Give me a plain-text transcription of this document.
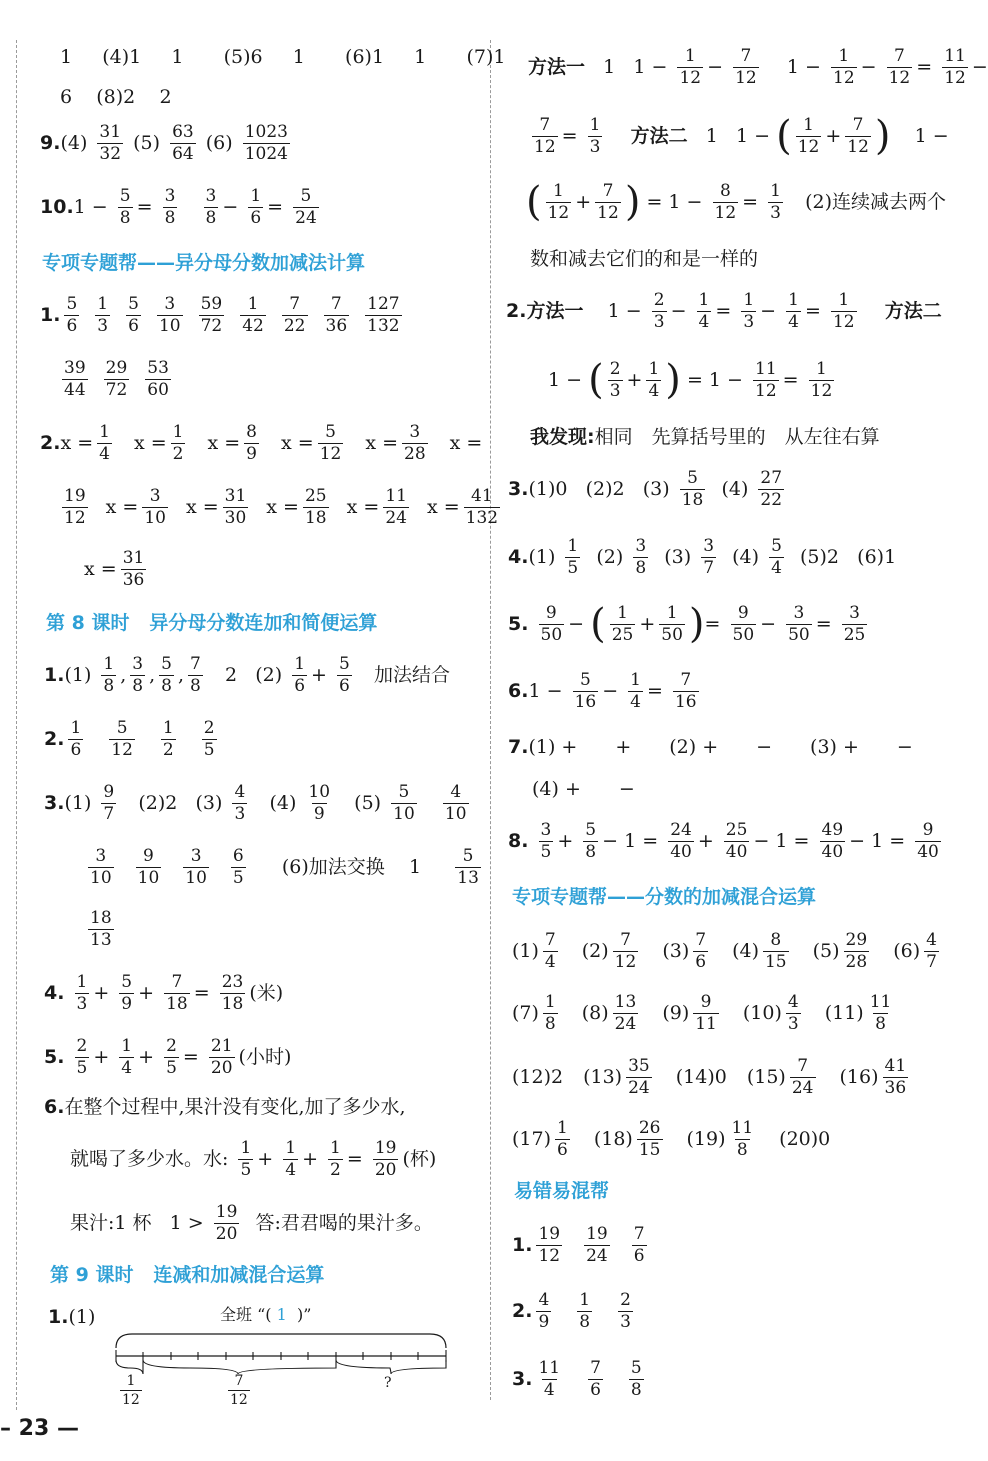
1 (4)1 1 (5)6 1 (6)1 1 (7)1
6 (8)2 2
$9.(4) \frac{31}{32} (5) \frac{63}{64} (6) \frac{1023}{1024}$
$10.1 - \frac{5}{8} = \frac{3}{8}$
$\frac{3}{8} - \frac{1}{6} = \frac{5}{24}$
专项专题帮——异分母分数加减法计算
1. $\frac{5}{6} \frac{1}{3} \frac{5}{6} \frac{3}{10} \frac{59}{72} \frac{1}{42} \frac{7}{22} \frac{7}{36} \frac{127}{132}$
$\frac{39}{44} \frac{29}{72} \frac{53}{60}$
$2.x = \frac{1}{4}$ $x = \frac{1}{2}$ $x = \frac{8}{9}$ $x = \frac{5}{12}$ $x = \frac{3}{28}$ x =
$\frac{19}{12}$ $x = \frac{3}{10}$ $x = \frac{31}{30}$ $x = \frac{25}{18}$ $x = \frac{11}{24}$ $x = \frac{41}{132}$
$x = \frac{31}{36}$
第 8 课时 异分母分数连加和简便运算
$1.(1) \frac{1}{8}$ , $\frac{3}{8}$ , $\frac{5}{8}$ , $\frac{7}{8} 2$ $(2) \frac{1}{6} + \frac{5}{6}$ 加法结合
2. $\frac{1}{6} \frac{5}{12} \frac{1}{2} \frac{2}{5}$
$3.(1) \frac{9}{7} (2)2$ $(3) \frac{4}{3} (4) \frac{10}{9} (5) \frac{5}{10}$
$\frac{4}{10}$
$\frac{3}{10} \frac{9}{10} \frac{3}{10} \frac{6}{5} (6)$加法交换 $1 \frac{5}{13}$
$\frac{18}{13}$
4. $\frac{1}{3} + \frac{5}{9} + \frac{7}{18} = \frac{23}{18}$ (米)
5. $\frac{2}{5} + \frac{1}{4} + \frac{2}{5} = \frac{21}{20}$ (小时)
6.在整个过程中,果汁没有变化,加了多少水,
就喝了多少水。水: $\frac{1}{5} + \frac{1}{4} + \frac{1}{2} = \frac{19}{20}$ (杯)
果汁:1 杯 $1 > \frac{19}{20}$ 答:君君喝的果汁多。
第 9 课时 连减和加减混合运算
1.(1)	全班 “( 1 )”
$\frac{1}{12}$	$\frac{7}{12}$	?
– 23 —
方法一 1 $1 - \frac{1}{12} - \frac{7}{12} 1 - \frac{1}{12} - \frac{7}{12} = \frac{11}{12}$ −
$\frac{7}{12} = \frac{1}{3}$ 方法二 1 1 − ( $\frac{1}{12} + \frac{7}{12}$ ) 1 −
( $\frac{1}{12} + \frac{7}{12}$ ) = $1 - \frac{8}{12} = \frac{1}{3} (2)$连续减去两个
数和减去它们的和是一样的
2.方法一 $1 - \frac{2}{3} - \frac{1}{4} = \frac{1}{3} - \frac{1}{4} = \frac{1}{12}$ 方法二
1 − ( $\frac{2}{3} + \frac{1}{4}$ ) = $1 - \frac{11}{12} = \frac{1}{12}$
我发现:相同　先算括号里的　从左往右算
3.(1)0 (2)2 $(3) \frac{5}{18} (4) \frac{27}{22}$
$4.(1) \frac{1}{5} (2) \frac{3}{8} (3) \frac{3}{7} (4) \frac{5}{4} (5)2$ (6)1
5. $\frac{9}{50}$ − ( $\frac{1}{25} + \frac{1}{50}$ )= $\frac{9}{50} - \frac{3}{50} = \frac{3}{25}$
$6.1 - \frac{5}{16} - \frac{1}{4} = \frac{7}{16}$
7.(1) +　　+　　(2) +　　−　　(3) +　　−
(4) +　　−
8. $\frac{3}{5} + \frac{5}{8} - 1 = \frac{24}{40} + \frac{25}{40} - 1 = \frac{49}{40} - 1 = \frac{9}{40}$
专项专题帮——分数的加减混合运算
$(1) \frac{7}{4} (2) \frac{7}{12} (3) \frac{7}{6} (4) \frac{8}{15} (5) \frac{29}{28} (6) \frac{4}{7}$
$(7) \frac{1}{8} (8) \frac{13}{24} (9) \frac{9}{11} (10) \frac{4}{3} (11) \frac{11}{8}$
(12)2 $(13) \frac{35}{24} (14)0$ $(15) \frac{7}{24} (16) \frac{41}{36}$
$(17) \frac{1}{6} (18) \frac{26}{15} (19) \frac{11}{8} (20)0$
易错易混帮
1. $\frac{19}{12} \frac{19}{24} \frac{7}{6}$
2. $\frac{4}{9} \frac{1}{8} \frac{2}{3}$
3. $\frac{11}{4} \frac{7}{6} \frac{5}{8}$
